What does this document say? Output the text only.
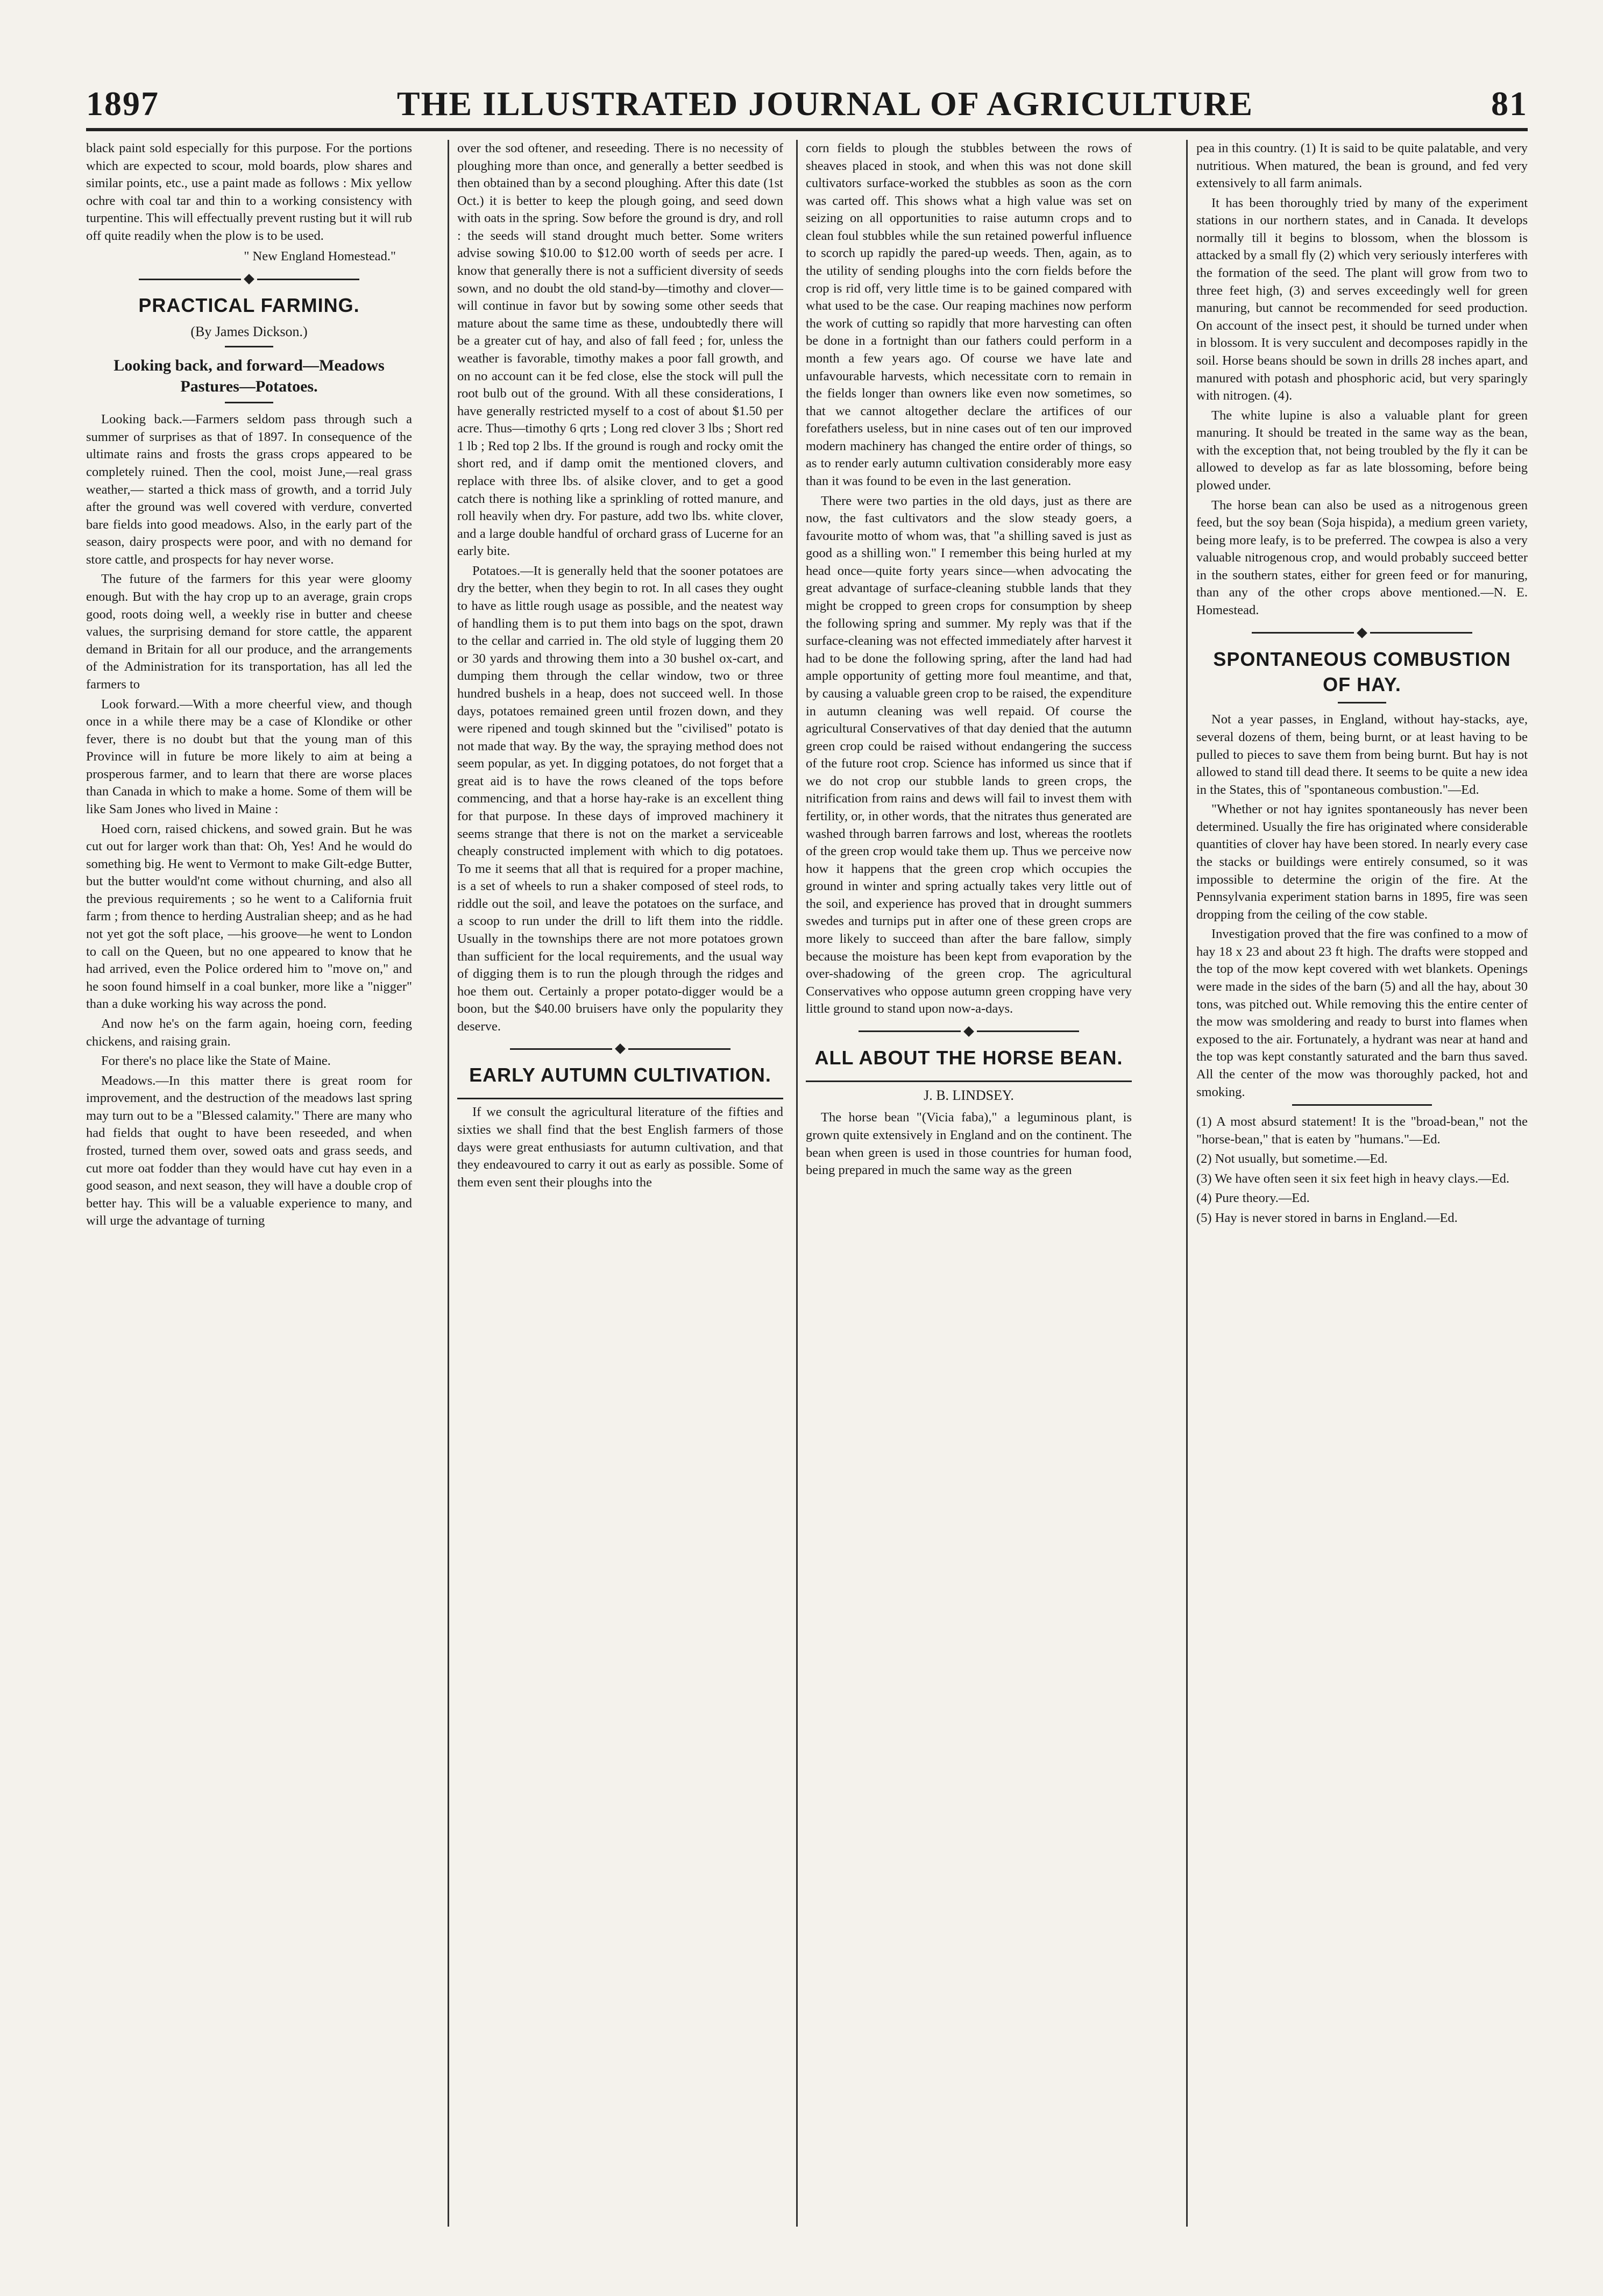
1897	THE ILLUSTRATED JOURNAL OF AGRICULTURE	81

black paint sold especially for this purpose. For the portions which are expected to scour, mold boards, plow shares and similar points, etc., use a paint made as follows : Mix yellow ochre with coal tar and thin to a working consistency with turpentine. This will effectually prevent rusting but it will rub off quite readily when the plow is to be used.

" New England Homestead."

PRACTICAL FARMING.
(By James Dickson.)
Looking back, and forward—Meadows Pastures—Potatoes.

Looking back.—Farmers seldom pass through such a summer of surprises as that of 1897. In consequence of the ultimate rains and frosts the grass crops appeared to be completely ruined. Then the cool, moist June,—real grass weather,— started a thick mass of growth, and a torrid July after the ground was well covered with verdure, converted bare fields into good meadows. Also, in the early part of the season, dairy prospects were poor, and with no demand for store cattle, and prospects for hay never worse.

The future of the farmers for this year were gloomy enough. But with the hay crop up to an average, grain crops good, roots doing well, a weekly rise in butter and cheese values, the surprising demand for store cattle, the apparent demand in Britain for all our produce, and the arrangements of the Administration for its transportation, has all led the farmers to

Look forward.—With a more cheerful view, and though once in a while there may be a case of Klondike or other fever, there is no doubt but that the young man of this Province will in future be more likely to aim at being a prosperous farmer, and to learn that there are worse places than Canada in which to make a home. Some of them will be like Sam Jones who lived in Maine :

Hoed corn, raised chickens, and sowed grain. But he was cut out for larger work than that: Oh, Yes! And he would do something big. He went to Vermont to make Gilt-edge Butter, but the butter would'nt come without churning, and also all the previous requirements ; so he went to a California fruit farm ; from thence to herding Australian sheep; and as he had not yet got the soft place, —his groove—he went to London to call on the Queen, but no one appeared to know that he had arrived, even the Police ordered him to "move on," and he soon found himself in a coal bunker, more like a "nigger" than a duke working his way across the pond.

And now he's on the farm again, hoeing corn, feeding chickens, and raising grain.

For there's no place like the State of Maine.

Meadows.—In this matter there is great room for improvement, and the destruction of the meadows last spring may turn out to be a "Blessed calamity." There are many who had fields that ought to have been reseeded, and when frosted, turned them over, sowed oats and grass seeds, and cut more oat fodder than they would have cut hay even in a good season, and next season, they will have a double crop of better hay. This will be a valuable experience to many, and will urge the advantage of turning

over the sod oftener, and reseeding. There is no necessity of ploughing more than once, and generally a better seedbed is then obtained than by a second ploughing. After this date (1st Oct.) it is better to keep the plough going, and seed down with oats in the spring. Sow before the ground is dry, and roll : the seeds will stand drought much better. Some writers advise sowing $10.00 to $12.00 worth of seeds per acre. I know that generally there is not a sufficient diversity of seeds sown, and no doubt the old stand-by—timothy and clover—will continue in favor but by sowing some other seeds that mature about the same time as these, undoubtedly there will be a greater cut of hay, and also of fall feed ; for, unless the weather is favorable, timothy makes a poor fall growth, and on no account can it be fed close, else the stock will pull the root bulb out of the ground. With all these considerations, I have generally restricted myself to a cost of about $1.50 per acre. Thus—timothy 6 qrts ; Long red clover 3 lbs ; Short red 1 lb ; Red top 2 lbs. If the ground is rough and rocky omit the short red, and if damp omit the mentioned clovers, and replace with three lbs. of alsike clover, and to get a good catch there is nothing like a sprinkling of rotted manure, and roll heavily when dry. For pasture, add two lbs. white clover, and a large double handful of orchard grass of Lucerne for an early bite.

Potatoes.—It is generally held that the sooner potatoes are dry the better, when they begin to rot. In all cases they ought to have as little rough usage as possible, and the neatest way of handling them is to put them into bags on the spot, drawn to the cellar and carried in. The old style of lugging them 20 or 30 yards and throwing them into a 30 bushel ox-cart, and dumping them through the cellar window, two or three hundred bushels in a heap, does not succeed well. In those days, potatoes remained green until frozen down, and they were ripened and tough skinned but the "civilised" potato is not made that way. By the way, the spraying method does not seem popular, as yet. In digging potatoes, do not forget that a great aid is to have the rows cleaned of the tops before commencing, and that a horse hay-rake is an excellent thing for that purpose. In these days of improved machinery it seems strange that there is not on the market a serviceable cheaply constructed implement with which to dig potatoes. To me it seems that all that is required for a proper machine, is a set of wheels to run a shaker composed of steel rods, to riddle out the soil, and leave the potatoes on the surface, and a scoop to run under the drill to lift them into the riddle. Usually in the townships there are not more potatoes grown than sufficient for the local requirements, and the usual way of digging them is to run the plough through the ridges and hoe them out. Certainly a proper potato-digger would be a boon, but the $40.00 bruisers have only the popularity they deserve.

EARLY AUTUMN CULTIVATION.

If we consult the agricultural literature of the fifties and sixties we shall find that the best English farmers of those days were great enthusiasts for autumn cultivation, and that they endeavoured to carry it out as early as possible. Some of them even sent their ploughs into the

corn fields to plough the stubbles between the rows of sheaves placed in stook, and when this was not done skill cultivators surface-worked the stubbles as soon as the corn was carted off. This shows what a high value was set on seizing on all opportunities to raise autumn crops and to clean foul stubbles while the sun retained powerful influence to scorch up rapidly the pared-up weeds. Then, again, as to the utility of sending ploughs into the corn fields before the crop is rid off, very little time is to be gained compared with what used to be the case. Our reaping machines now perform the work of cutting so rapidly that more harvesting can often be done in a fortnight than our fathers could perform in a month a few years ago. Of course we have late and unfavourable harvests, which necessitate corn to remain in the fields longer than owners like even now sometimes, so that we cannot altogether declare the artifices of our forefathers useless, but in nine cases out of ten our improved modern machinery has changed the entire order of things, so as to render early autumn cultivation considerably more easy than it was found to be even in the last generation.

There were two parties in the old days, just as there are now, the fast cultivators and the slow steady goers, a favourite motto of whom was, that "a shilling saved is just as good as a shilling won." I remember this being hurled at my head once—quite forty years since—when advocating the great advantage of surface-cleaning stubble lands that they might be cropped to green crops for consumption by sheep the following spring and summer. My reply was that if the surface-cleaning was not effected immediately after harvest it had to be done the following spring, after the land had had ample opportunity of getting more foul meantime, and that, by causing a valuable green crop to be raised, the expenditure in autumn cleaning was well repaid. Of course the agricultural Conservatives of that day denied that the autumn green crop could be raised without endangering the success of the future root crop. Science has informed us since that if we do not crop our stubble lands to green crops, the nitrification from rains and dews will fail to invest them with fertility, or, in other words, that the nitrates thus generated are washed through barren farrows and lost, whereas the rootlets of the green crop would take them up. Thus we perceive now how it happens that the green crop which occupies the ground in winter and spring actually takes very little out of the soil, and experience has proved that in drought summers swedes and turnips put in after one of these green crops are more likely to succeed than after the bare fallow, simply because the moisture has been kept from evaporation by the over-shadowing of the green crop. The agricultural Conservatives who oppose autumn green cropping have very little ground to stand upon now-a-days.

ALL ABOUT THE HORSE BEAN.
J. B. LINDSEY.

The horse bean "(Vicia faba)," a leguminous plant, is grown quite extensively in England and on the continent. The bean when green is used in those countries for human food, being prepared in much the same way as the green

pea in this country. (1) It is said to be quite palatable, and very nutritious. When matured, the bean is ground, and fed very extensively to all farm animals.

It has been thoroughly tried by many of the experiment stations in our northern states, and in Canada. It develops normally till it begins to blossom, when the blossom is attacked by a small fly (2) which very seriously interferes with the formation of the seed. The plant will grow from two to three feet high, (3) and serves exceedingly well for green manuring, but cannot be recommended for seed production. On account of the insect pest, it should be turned under when in blossom. It is very succulent and decomposes rapidly in the soil. Horse beans should be sown in drills 28 inches apart, and manured with potash and phosphoric acid, but very sparingly with nitrogen. (4).

The white lupine is also a valuable plant for green manuring. It should be treated in the same way as the bean, with the exception that, not being troubled by the fly it can be allowed to develop as far as late blossoming, before being plowed under.

The horse bean can also be used as a nitrogenous green feed, but the soy bean (Soja hispida), a medium green variety, being more leafy, is to be preferred. The cowpea is also a very valuable nitrogenous crop, and would probably succeed better in the southern states, either for green feed or for manuring, than any of the other crops above mentioned.—N. E. Homestead.

SPONTANEOUS COMBUSTION OF HAY.

Not a year passes, in England, without hay-stacks, aye, several dozens of them, being burnt, or at least having to be pulled to pieces to save them from being burnt. But hay is not allowed to stand till dead there. It seems to be quite a new idea in the States, this of "spontaneous combustion."—Ed.

"Whether or not hay ignites spontaneously has never been determined. Usually the fire has originated where considerable quantities of clover hay have been stored. In nearly every case the stacks or buildings were entirely consumed, so it was impossible to determine the origin of the fire. At the Pennsylvania experiment station barns in 1895, fire was seen dropping from the ceiling of the cow stable.

Investigation proved that the fire was confined to a mow of hay 18 x 23 and about 23 ft high. The drafts were stopped and the top of the mow kept covered with wet blankets. Openings were made in the sides of the barn (5) and all the hay, about 30 tons, was pitched out. While removing this the entire center of the mow was smoldering and ready to burst into flames when exposed to the air. Fortunately, a hydrant was near at hand and the top was kept constantly saturated and the barn thus saved. All the center of the mow was thoroughly packed, hot and smoking.

(1) A most absurd statement! It is the "broad-bean," not the "horse-bean," that is eaten by "humans."—Ed.

(2) Not usually, but sometime.—Ed.

(3) We have often seen it six feet high in heavy clays.—Ed.

(4) Pure theory.—Ed.

(5) Hay is never stored in barns in England.—Ed.
